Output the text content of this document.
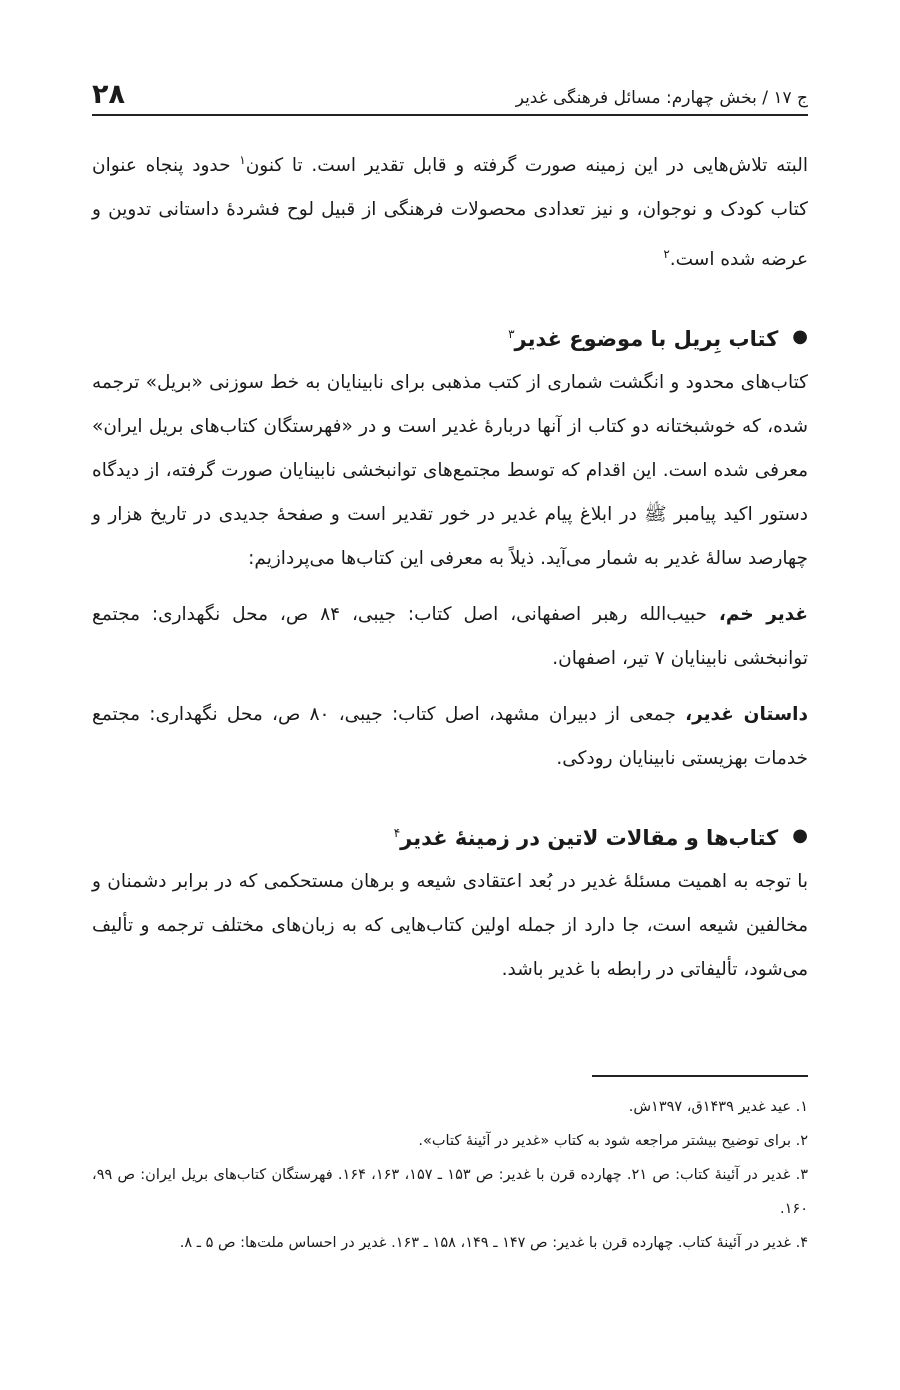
ج ۱۷ / بخش چهارم: مسائل فرهنگی غدیر
۲۸

البته تلاش‌هایی در این زمینه صورت گرفته و قابل تقدیر است. تا کنون$^۱$ حدود پنجاه عنوان کتاب کودک و نوجوان، و نیز تعدادی محصولات فرهنگی از قبیل لوح فشردهٔ داستانی تدوین و عرضه شده است.$^۲$

●
کتاب بِریل با موضوع غدیر$^۳$

کتاب‌های محدود و انگشت شماری از کتب مذهبی برای نابینایان به خط سوزنی «بریل» ترجمه شده، که خوشبختانه دو کتاب از آنها دربارهٔ غدیر است و در «فهرستگان کتاب‌های بریل ایران» معرفی شده است. این اقدام که توسط مجتمع‌های توانبخشی نابینایان صورت گرفته، از دیدگاه دستور اکید پیامبر ﷺ در ابلاغ پیام غدیر در خور تقدیر است و صفحهٔ جدیدی در تاریخ هزار و چهارصد سالهٔ غدیر به شمار می‌آید. ذیلاً به معرفی این کتاب‌ها می‌پردازیم:

غدیر خم، حبیب‌الله رهبر اصفهانی، اصل کتاب: جیبی، ۸۴ ص، محل نگهداری: مجتمع توانبخشی نابینایان ۷ تیر، اصفهان.

داستان غدیر، جمعی از دبیران مشهد، اصل کتاب: جیبی، ۸۰ ص، محل نگهداری: مجتمع خدمات بهزیستی نابینایان رودکی.

●
کتاب‌ها و مقالات لاتین در زمینهٔ غدیر$^۴$

با توجه به اهمیت مسئلهٔ غدیر در بُعد اعتقادی شیعه و برهان مستحکمی که در برابر دشمنان و مخالفین شیعه است، جا دارد از جمله اولین کتاب‌هایی که به زبان‌های مختلف ترجمه و تألیف می‌شود، تألیفاتی در رابطه با غدیر باشد.

۱. عید غدیر ۱۴۳۹ق، ۱۳۹۷ش.

۲. برای توضیح بیشتر مراجعه شود به کتاب «غدیر در آئینهٔ کتاب».

۳. غدیر در آئینهٔ کتاب: ص ۲۱. چهارده قرن با غدیر: ص ۱۵۳ ـ ۱۵۷، ۱۶۳، ۱۶۴. فهرستگان کتاب‌های بریل ایران: ص ۹۹، ۱۶۰.

۴. غدیر در آئینهٔ کتاب. چهارده قرن با غدیر: ص ۱۴۷ ـ ۱۴۹، ۱۵۸ ـ ۱۶۳. غدیر در احساس ملت‌ها: ص ۵ ـ ۸.
